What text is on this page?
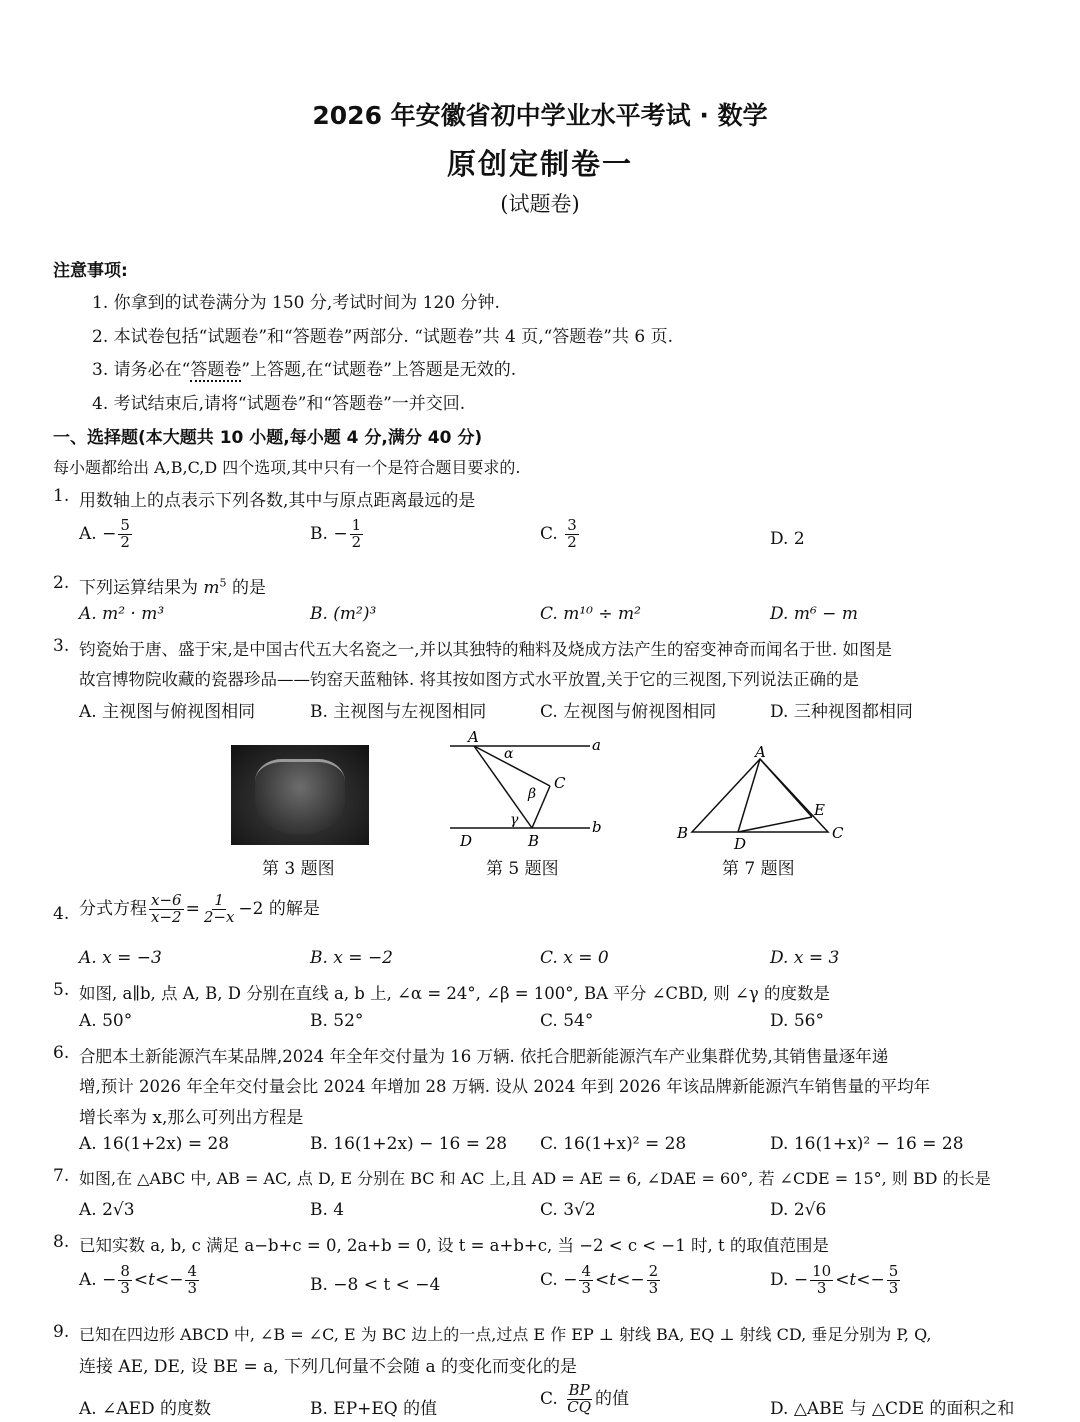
2026 年安徽省初中学业水平考试 · 数学
原创定制卷一
(试题卷)
注意事项:
1. 你拿到的试卷满分为 150 分,考试时间为 120 分钟.
2. 本试卷包括“试题卷”和“答题卷”两部分. “试题卷”共 4 页,“答题卷”共 6 页.
3. 请务必在“答题卷”上答题,在“试题卷”上答题是无效的.
4. 考试结束后,请将“试题卷”和“答题卷”一并交回.
一、选择题(本大题共 10 小题,每小题 4 分,满分 40 分)
每小题都给出 A,B,C,D 四个选项,其中只有一个是符合题目要求的.
1. 用数轴上的点表示下列各数,其中与原点距离最远的是
A. − $\frac{5}{2}$	B. − $\frac{1}{2}$	C. $\frac{3}{2}$	D. 2
2. 下列运算结果为 $m^5$ 的是
A. m² · m³	B. (m²)³	C. m¹⁰ ÷ m²	D. m⁶ − m
3. 钧瓷始于唐、盛于宋,是中国古代五大名瓷之一,并以其独特的釉料及烧成方法产生的窑变神奇而闻名于世. 如图是
故宫博物院收藏的瓷器珍品——钧窑天蓝釉钵. 将其按如图方式水平放置,关于它的三视图,下列说法正确的是
A. 主视图与俯视图相同	B. 主视图与左视图相同	C. 左视图与俯视图相同	D. 三种视图都相同
第 3 题图
A	a
α
C
β
γ
D	B
b
第 5 题图
A
B	C
D
E
第 7 题图
4. 分式方程 $\frac{x-6}{x-2} = \frac{1}{2-x} -2$ 的解是
A. x = −3	B. x = −2	C. x = 0	D. x = 3
5. 如图, a∥b, 点 A, B, D 分别在直线 a, b 上, ∠α = 24°, ∠β = 100°, BA 平分 ∠CBD, 则 ∠γ 的度数是
A. 50°	B. 52°	C. 54°	D. 56°
6. 合肥本土新能源汽车某品牌,2024 年全年交付量为 16 万辆. 依托合肥新能源汽车产业集群优势,其销售量逐年递
增,预计 2026 年全年交付量会比 2024 年增加 28 万辆. 设从 2024 年到 2026 年该品牌新能源汽车销售量的平均年
增长率为 x,那么可列出方程是
A. 16(1+2x) = 28	B. 16(1+2x) − 16 = 28 C. 16(1+x)² = 28	D. 16(1+x)² − 16 = 28
7. 如图,在 △ABC 中, AB = AC, 点 D, E 分别在 BC 和 AC 上,且 AD = AE = 6, ∠DAE = 60°, 若 ∠CDE = 15°, 则 BD 的长是
A. 2√3	B. 4	C. 3√2	D. 2√6
8. 已知实数 a, b, c 满足 a−b+c = 0, 2a+b = 0, 设 t = a+b+c, 当 −2 < c < −1 时, t 的取值范围是
A. − $\frac{8}{3} <t<- \frac{4}{3}$	B. −8 < t < −4	C. − $\frac{4}{3} <t<- \frac{2}{3}$	D. − $\frac{10}{3} <t<- \frac{5}{3}$
9. 已知在四边形 ABCD 中, ∠B = ∠C, E 为 BC 边上的一点,过点 E 作 EP ⊥ 射线 BA, EQ ⊥ 射线 CD, 垂足分别为 P, Q,
连接 AE, DE, 设 BE = a, 下列几何量不会随 a 的变化而变化的是
A. ∠AED 的度数	B. EP+EQ 的值
C. $\frac{BP}{CQ}$ 的值
D. △ABE 与 △CDE 的面积之和
